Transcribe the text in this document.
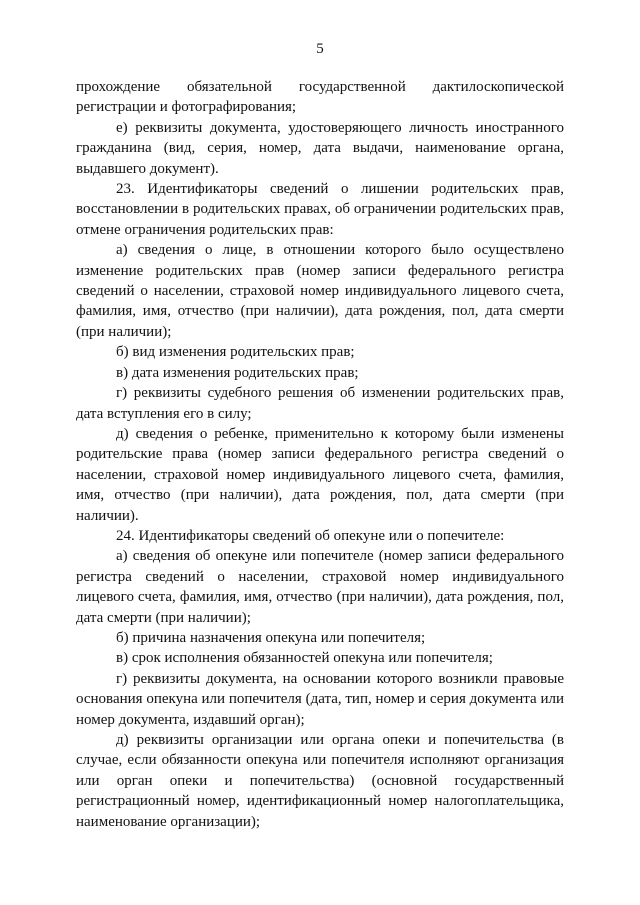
5

прохождение обязательной государственной дактилоскопической регистрации и фотографирования;

е) реквизиты документа, удостоверяющего личность иностранного гражданина (вид, серия, номер, дата выдачи, наименование органа, выдавшего документ).

23. Идентификаторы сведений о лишении родительских прав, восстановлении в родительских правах, об ограничении родительских прав, отмене ограничения родительских прав:

а) сведения о лице, в отношении которого было осуществлено изменение родительских прав (номер записи федерального регистра сведений о населении, страховой номер индивидуального лицевого счета, фамилия, имя, отчество (при наличии), дата рождения, пол, дата смерти (при наличии);

б) вид изменения родительских прав;

в) дата изменения родительских прав;

г) реквизиты судебного решения об изменении родительских прав, дата вступления его в силу;

д) сведения о ребенке, применительно к которому были изменены родительские права (номер записи федерального регистра сведений о населении, страховой номер индивидуального лицевого счета, фамилия, имя, отчество (при наличии), дата рождения, пол, дата смерти (при наличии).

24. Идентификаторы сведений об опекуне или о попечителе:

а) сведения об опекуне или попечителе (номер записи федерального регистра сведений о населении, страховой номер индивидуального лицевого счета, фамилия, имя, отчество (при наличии), дата рождения, пол, дата смерти (при наличии);

б) причина назначения опекуна или попечителя;

в) срок исполнения обязанностей опекуна или попечителя;

г) реквизиты документа, на основании которого возникли правовые основания опекуна или попечителя (дата, тип, номер и серия документа или номер документа, издавший орган);

д) реквизиты организации или органа опеки и попечительства (в случае, если обязанности опекуна или попечителя исполняют организация или орган опеки и попечительства) (основной государственный регистрационный номер, идентификационный номер налогоплательщика, наименование организации);
